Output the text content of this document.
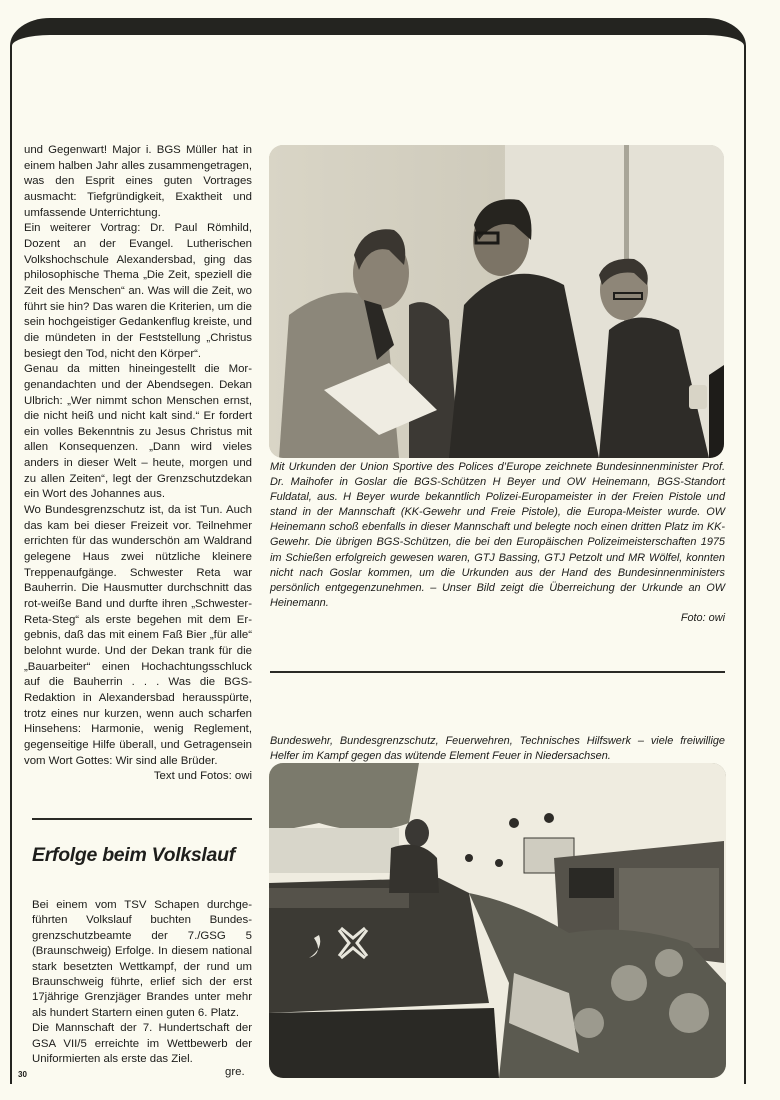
und Gegenwart! Major i. BGS Müller hat in einem halben Jahr alles zusammengetragen, was den Esprit eines guten Vortrages ausmacht: Tiefgründigkeit, Exaktheit und umfassende Unterrichtung.

Ein weiterer Vortrag: Dr. Paul Römhild, Dozent an der Evangel. Lutherischen Volkshochschule Alexandersbad, ging das philosophische Thema „Die Zeit, speziell die Zeit des Menschen“ an. Was will die Zeit, wo führt sie hin? Das waren die Kriterien, um die sein hochgeistiger Gedankenflug kreiste, und die mündeten in der Feststellung „Christus besiegt den Tod, nicht den Körper“.

Genau da mitten hineingestellt die Morgenandachten und der Abendsegen. Dekan Ulbrich: „Wer nimmt schon Menschen ernst, die nicht heiß und nicht kalt sind.“ Er fordert ein volles Bekenntnis zu Jesus Christus mit allen Konsequenzen. „Dann wird vieles anders in dieser Welt – heute, morgen und zu allen Zeiten“, legt der Grenzschutzdekan ein Wort des Johannes aus.

Wo Bundesgrenzschutz ist, da ist Tun. Auch das kam bei dieser Freizeit vor. Teilnehmer errichten für das wunderschön am Waldrand gelegene Haus zwei nützliche kleinere Treppenaufgänge. Schwester Reta war Bauherrin. Die Hausmutter durchschnitt das rot-weiße Band und durfte ihren „Schwester-Reta-Steg“ als erste begehen mit dem Ergebnis, daß das mit einem Faß Bier „für alle“ belohnt wurde. Und der Dekan trank für die „Bauarbeiter“ einen Hochachtungsschluck auf die Bauherrin . . . Was die BGS-Redaktion in Alexandersbad herausspürte, trotz eines nur kurzen, wenn auch scharfen Hinsehens: Harmonie, wenig Reglement, gegenseitige Hilfe überall, und Getragensein vom Wort Gottes: Wir sind alle Brüder.

Text und Fotos: owi

Erfolge beim Volkslauf

Bei einem vom TSV Schapen durchgeführten Volkslauf buchten Bundesgrenzschutzbeamte der 7./GSG 5 (Braunschweig) Erfolge. In diesem national stark besetzten Wettkampf, der rund um Braunschweig führte, erlief sich der erst 17jährige Grenzjäger Brandes unter mehr als hundert Startern einen guten 6. Platz.

Die Mannschaft der 7. Hundertschaft der GSA VII/5 erreichte im Wettbewerb der Uniformierten als erste das Ziel.

30	gre.
Mit Urkunden der Union Sportive des Polices d’Europe zeichnete Bundesinnenminister Prof. Dr. Maihofer in Goslar die BGS-Schützen H Beyer und OW Heinemann, BGS-Standort Fuldatal, aus. H Beyer wurde bekanntlich Polizei-Europameister in der Freien Pistole und stand in der Mannschaft (KK-Gewehr und Freie Pistole), die Europa-Meister wurde. OW Heinemann schoß ebenfalls in dieser Mannschaft und belegte noch einen dritten Platz im KK-Gewehr. Die übrigen BGS-Schützen, die bei den Europäischen Polizeimeisterschaften 1975 im Schießen erfolgreich gewesen waren, GTJ Bassing, GTJ Petzolt und MR Wölfel, konnten nicht nach Goslar kommen, um die Urkunden aus der Hand des Bundesinnenministers persönlich entgegenzunehmen. – Unser Bild zeigt die Überreichung der Urkunde an OW Heinemann.
Foto: owi
Bundeswehr, Bundesgrenzschutz, Feuerwehren, Technisches Hilfswerk – viele freiwillige Helfer im Kampf gegen das wütende Element Feuer in Niedersachsen.
